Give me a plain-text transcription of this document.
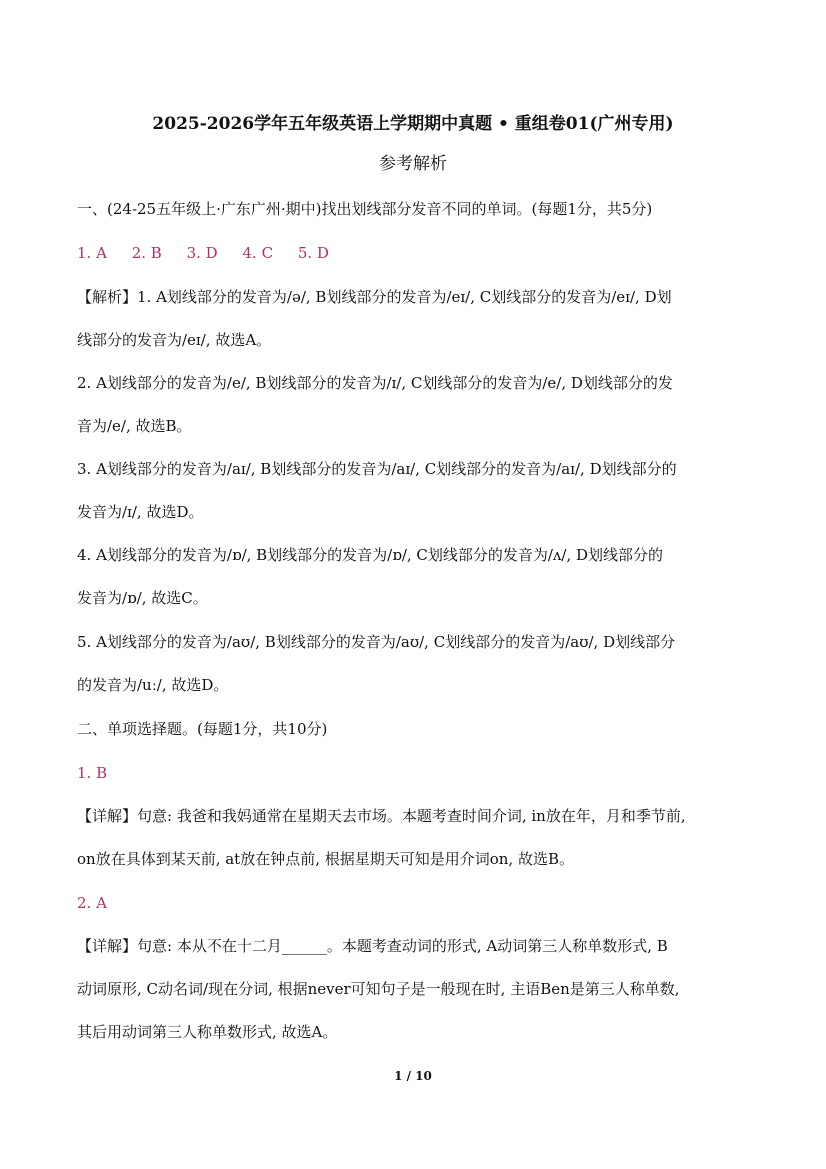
2025-2026学年五年级英语上学期期中真题 • 重组卷01(广州专用)
参考解析
一、(24-25五年级上·广东广州·期中)找出划线部分发音不同的单词。(每题1分，共5分)
1. A 2. B 3. D 4. C 5. D
【解析】1. A划线部分的发音为/ə/, B划线部分的发音为/eɪ/, C划线部分的发音为/eɪ/, D划
线部分的发音为/eɪ/, 故选A。
2. A划线部分的发音为/e/, B划线部分的发音为/ɪ/, C划线部分的发音为/e/, D划线部分的发
音为/e/, 故选B。
3. A划线部分的发音为/aɪ/, B划线部分的发音为/aɪ/, C划线部分的发音为/aɪ/, D划线部分的
发音为/ɪ/, 故选D。
4. A划线部分的发音为/ɒ/, B划线部分的发音为/ɒ/, C划线部分的发音为/ʌ/, D划线部分的
发音为/ɒ/, 故选C。
5. A划线部分的发音为/aʊ/, B划线部分的发音为/aʊ/, C划线部分的发音为/aʊ/, D划线部分
的发音为/uː/, 故选D。
二、单项选择题。(每题1分，共10分)
1. B
【详解】句意: 我爸和我妈通常在星期天去市场。本题考查时间介词, in放在年，月和季节前,
on放在具体到某天前, at放在钟点前, 根据星期天可知是用介词on, 故选B。
2. A
【详解】句意: 本从不在十二月______。本题考查动词的形式, A动词第三人称单数形式, B
动词原形, C动名词/现在分词, 根据never可知句子是一般现在时, 主语Ben是第三人称单数,
其后用动词第三人称单数形式, 故选A。
1 / 10
